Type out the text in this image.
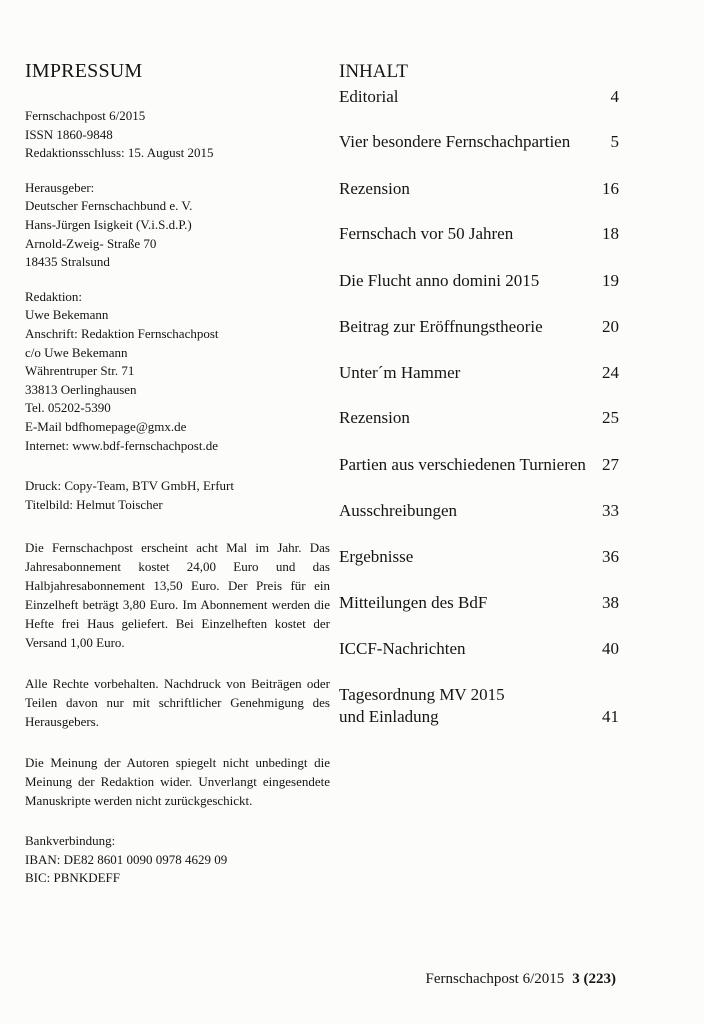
IMPRESSUM
Fernschachpost 6/2015
ISSN 1860-9848
Redaktionsschluss: 15. August 2015
Herausgeber:
Deutscher Fernschachbund e. V.
Hans-Jürgen Isigkeit (V.i.S.d.P.)
Arnold-Zweig- Straße 70
18435 Stralsund
Redaktion:
Uwe Bekemann
Anschrift: Redaktion Fernschachpost
c/o Uwe Bekemann
Währentruper Str. 71
33813 Oerlinghausen
Tel. 05202-5390
E-Mail bdfhomepage@gmx.de
Internet: www.bdf-fernschachpost.de
Druck: Copy-Team, BTV GmbH, Erfurt
Titelbild: Helmut Toischer
Die Fernschachpost erscheint acht Mal im Jahr. Das Jahresabonnement kostet 24,00 Euro und das Halbjahresabonnement 13,50 Euro. Der Preis für ein Einzelheft beträgt 3,80 Euro. Im Abonnement werden die Hefte frei Haus geliefert. Bei Einzelheften kostet der Versand 1,00 Euro.
Alle Rechte vorbehalten. Nachdruck von Beiträgen oder Teilen davon nur mit schriftlicher Genehmigung des Herausgebers.
Die Meinung der Autoren spiegelt nicht unbedingt die Meinung der Redaktion wider. Unverlangt eingesendete Manuskripte werden nicht zurückgeschickt.
Bankverbindung:
IBAN: DE82 8601 0090 0978 4629 09
BIC: PBNKDEFF
INHALT
Editorial	4
Vier besondere Fernschachpartien 5
Rezension	16
Fernschach vor 50 Jahren	18
Die Flucht anno domini 2015	19
Beitrag zur Eröffnungstheorie	20
Unter´m Hammer	24
Rezension	25
Partien aus verschiedenen Turnieren 27
Ausschreibungen	33
Ergebnisse	36
Mitteilungen des BdF	38
ICCF-Nachrichten	40
Tagesordnung MV 2015
und Einladung	41
Fernschachpost 6/2015 3 (223)
